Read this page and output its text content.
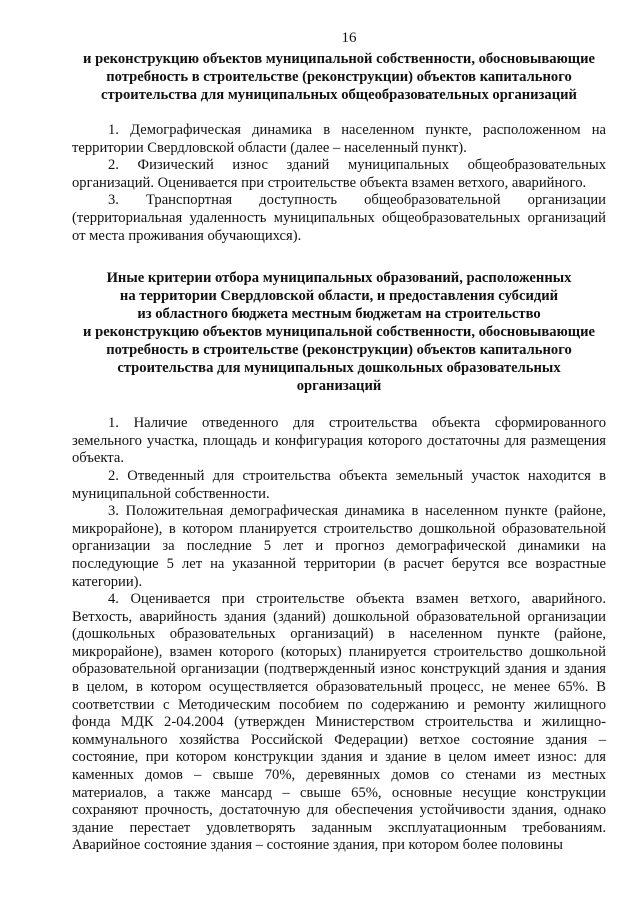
16
и реконструкцию объектов муниципальной собственности, обосновывающие
потребность в строительстве (реконструкции) объектов капитального
строительства для муниципальных общеобразовательных организаций

1. Демографическая динамика в населенном пункте, расположенном на территории Свердловской области (далее – населенный пункт).

2. Физический износ зданий муниципальных общеобразовательных организаций. Оценивается при строительстве объекта взамен ветхого, аварийного.

3. Транспортная доступность общеобразовательной организации (территориальная удаленность муниципальных общеобразовательных организаций от места проживания обучающихся).

Иные критерии отбора муниципальных образований, расположенных
на территории Свердловской области, и предоставления субсидий
из областного бюджета местным бюджетам на строительство
и реконструкцию объектов муниципальной собственности, обосновывающие
потребность в строительстве (реконструкции) объектов капитального
строительства для муниципальных дошкольных образовательных
организаций

1. Наличие отведенного для строительства объекта сформированного земельного участка, площадь и конфигурация которого достаточны для размещения объекта.

2. Отведенный для строительства объекта земельный участок находится в муниципальной собственности.

3. Положительная демографическая динамика в населенном пункте (районе, микрорайоне), в котором планируется строительство дошкольной образовательной организации за последние 5 лет и прогноз демографической динамики на последующие 5 лет на указанной территории (в расчет берутся все возрастные категории).

4. Оценивается при строительстве объекта взамен ветхого, аварийного. Ветхость, аварийность здания (зданий) дошкольной образовательной организации (дошкольных образовательных организаций) в населенном пункте (районе, микрорайоне), взамен которого (которых) планируется строительство дошкольной образовательной организации (подтвержденный износ конструкций здания и здания в целом, в котором осуществляется образовательный процесс, не менее 65%. В соответствии с Методическим пособием по содержанию и ремонту жилищного фонда МДК 2-04.2004 (утвержден Министерством строительства и жилищно-коммунального хозяйства Российской Федерации) ветхое состояние здания – состояние, при котором конструкции здания и здание в целом имеет износ: для каменных домов – свыше 70%, деревянных домов со стенами из местных материалов, а также мансард – свыше 65%, основные несущие конструкции сохраняют прочность, достаточную для обеспечения устойчивости здания, однако здание перестает удовлетворять заданным эксплуатационным требованиям. Аварийное состояние здания – состояние здания, при котором более половины
